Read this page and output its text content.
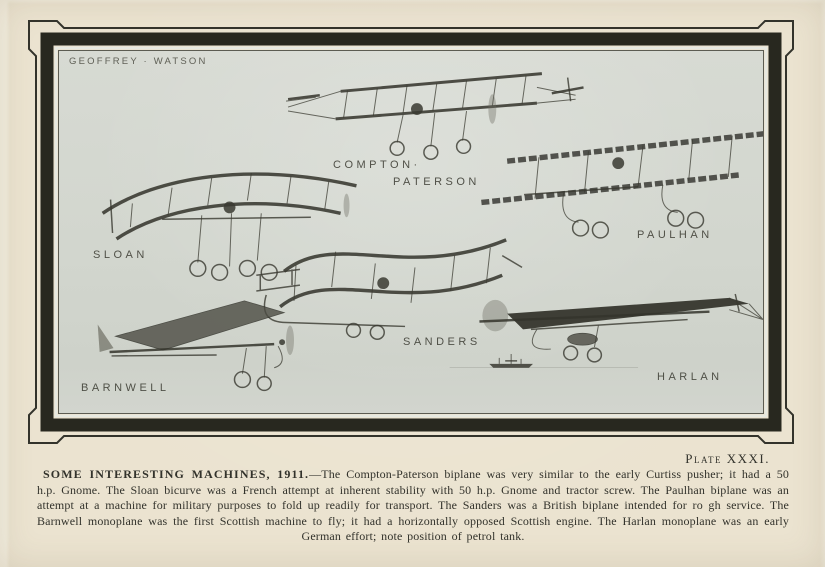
GEOFFREY · WATSON
COMPTON·
PATERSON
SLOAN
PAULHAN
SANDERS
BARNWELL
HARLAN
Plate XXXI.

SOME INTERESTING MACHINES, 1911.—The Compton-Paterson biplane was very similar to the early Curtiss pusher; it had a 50 h.p. Gnome. The Sloan bicurve was a French attempt at inherent stability with 50 h.p. Gnome and tractor screw. The Paulhan biplane was an attempt at a machine for military purposes to fold up readily for transport. The Sanders was a British biplane intended for ro gh service. The Barnwell monoplane was the first Scottish machine to fly; it had a horizontally opposed Scottish engine. The Harlan monoplane was an early German effort; note position of petrol tank.
